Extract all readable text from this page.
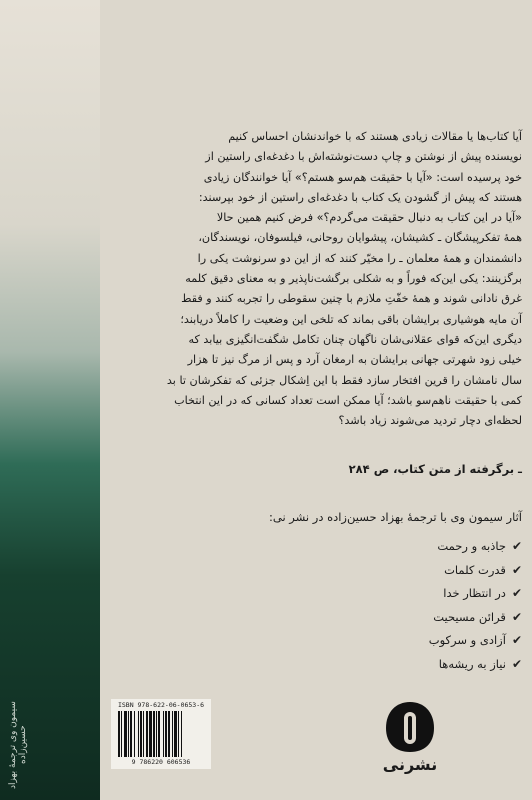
سیمون وی ترجمهٔ بهزاد حسین‌زاده

آیا کتاب‌ها یا مقالات زیادی هستند که با خواندنشان احساس کنیم

نویسنده پیش از نوشتن و چاپ دست‌نوشته‌اش با دغدغه‌ای راستین از

خود پرسیده است: «آیا با حقیقت هم‌سو هستم؟» آیا خوانندگان زیادی

هستند که پیش از گشودن یک کتاب با دغدغه‌ای راستین از خود بپرسند:

«آیا در این کتاب به دنبال حقیقت می‌گردم؟» فرض کنیم همین حالا

همهٔ تفکرپیشگان ـ کشیشان، پیشوایان روحانی، فیلسوفان، نویسندگان،

دانشمندان و همهٔ معلمان ـ را مخیّر کنند که از این دو سرنوشت یکی را

برگزینند: یکی این‌که فوراً و به شکلی برگشت‌ناپذیر و به معنای دقیق کلمه

غرق نادانی شوند و همهٔ خفّتِ ملازم با چنین سقوطی را تجربه کنند و فقط

آن مایه هوشیاری برایشان باقی بماند که تلخی این وضعیت را کاملاً دریابند؛

دیگری این‌که قوای عقلانی‌شان ناگهان چنان تکامل شگفت‌انگیزی بیابد که

خیلی زود شهرتی جهانی برایشان به ارمغان آرد و پس از مرگ نیز تا هزار

سال نامشان را قرین افتخار سازد فقط با این اِشکال جزئی که تفکرشان تا بد

کمی با حقیقت ناهم‌سو باشد؛ آیا ممکن است تعداد کسانی که در این انتخاب

لحظه‌ای دچار تردید می‌شوند زیاد باشد؟

ـ برگرفته از متن کتاب، ص ۲۸۴
آثار سیمون وی با ترجمهٔ بهزاد حسین‌زاده در نشر نی:
✔جاذبه و رحمت
✔قدرت کلمات
✔در انتظار خدا
✔قرائن مسیحیت
✔آزادی و سرکوب
✔نیاز به ریشه‌ها
ISBN 978-622-06-0653-6
9 786220 606536	نشرنی
